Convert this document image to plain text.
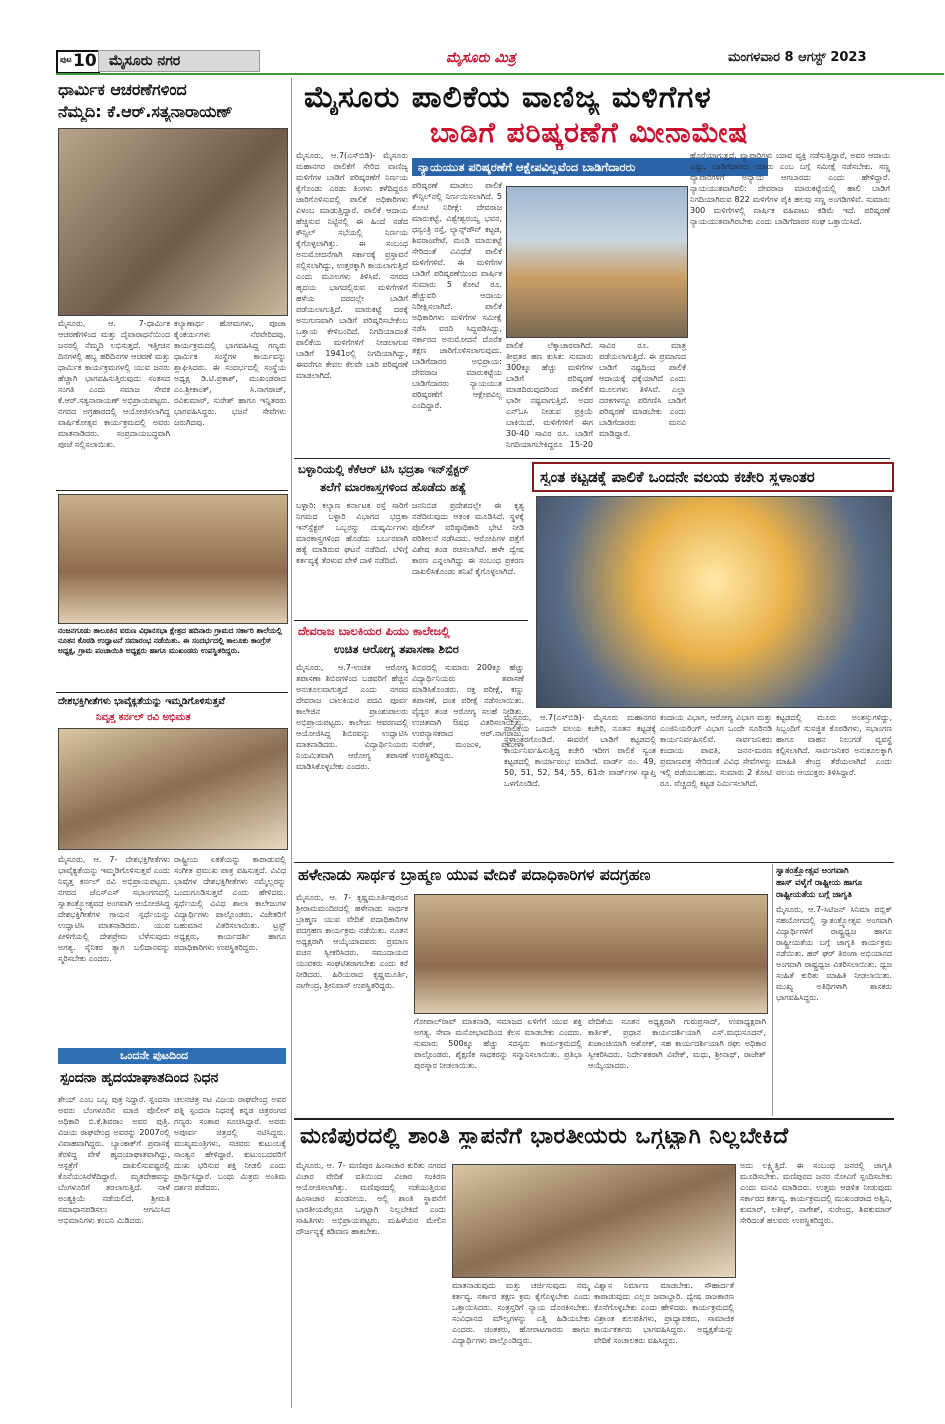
ಪುಟ 10 ಮೈಸೂರು ನಗರ	ಮೈಸೂರು ಮಿತ್ರ	ಮಂಗಳವಾರ 8 ಆಗಸ್ಟ್ 2023
ಧಾರ್ಮಿಕ ಆಚರಣೆಗಳಿಂದ
ನೆಮ್ಮದಿ: ಕೆ.ಆರ್.ಸತ್ಯನಾರಾಯಣ್
ಮೈಸೂರು, ಆ. 7-ಧಾರ್ಮಿಕ ಆಚರಣೆಗಳಿಂದ ಮತ್ತು ದೈವಾರಾಧನೆಯಿಂದ ಜನರಲ್ಲಿ ನೆಮ್ಮದಿ ಲಭಿಸುತ್ತದೆ. ಇತ್ತೀಚಿನ ದಿನಗಳಲ್ಲಿ ಹಬ್ಬ ಹರಿದಿನಗಳ ಆಚರಣೆ ಮತ್ತು ಧಾರ್ಮಿಕ ಕಾರ್ಯಕ್ರಮಗಳಲ್ಲಿ ಯುವ ಜನರು ಹೆಚ್ಚಾಗಿ ಭಾಗವಹಿಸುತ್ತಿರುವುದು ಸಂತಸದ ಸಂಗತಿ ಎಂದು ಸಮಾಜ ಸೇವಕ ಕೆ.ಆರ್.ಸತ್ಯನಾರಾಯಣ್ ಅಭಿಪ್ರಾಯಪಟ್ಟರು. ನಗರದ ಅಗ್ರಹಾರದಲ್ಲಿ ಆಯೋಜಿಸಲಾಗಿದ್ದ ವಾರ್ಷಿಕೋತ್ಸವ ಕಾರ್ಯಕ್ರಮದಲ್ಲಿ ಅವರು ಮಾತನಾಡಿದರು. ಸಂಪ್ರದಾಯಬದ್ಧವಾಗಿ ಪೂಜೆ ಸಲ್ಲಿಸಲಾಯಿತು.
ಕಲ್ಯಾಣಾರ್ಥ ಹೋಮಗಳು, ಪೂಜಾ ಕೈಂಕರ್ಯಗಳು ನೆರವೇರಿದವು. ಕಾರ್ಯಕ್ರಮದಲ್ಲಿ ಭಾಗವಹಿಸಿದ್ದ ಗಣ್ಯರು ಧಾರ್ಮಿಕ ಸಂಸ್ಥೆಗಳ ಕಾರ್ಯವನ್ನು ಶ್ಲಾಘಿಸಿದರು. ಈ ಸಂದರ್ಭದಲ್ಲಿ ಸಂಸ್ಥೆಯ ಅಧ್ಯಕ್ಷ ಡಿ.ಟಿ.ಪ್ರಕಾಶ್, ಮುಖಂಡರಾದ ಎಂ.ಶ್ರೀಕಾಂತ್, ಸಿ.ನಾಗರಾಜ್, ರವಿಕುಮಾರ್, ಸುರೇಶ್ ಹಾಗೂ ಇನ್ನಿತರರು ಭಾಗವಹಿಸಿದ್ದರು. ಭಜನೆ ಸೇವೆಗಳು ಜರುಗಿದವು.
ನಂಜನಗೂಡು ತಾಲೂಕಿನ ವರುಣ ವಿಧಾನಸಭಾ ಕ್ಷೇತ್ರದ ಹದಿನಾರು ಗ್ರಾಮದ ಸರ್ಕಾರಿ ಶಾಲೆಯಲ್ಲಿ ನೂತನ ಕೊಠಡಿ ಉದ್ಘಾಟನೆ ಸಮಾರಂಭ ನಡೆಯಿತು. ಈ ಸಂದರ್ಭದಲ್ಲಿ ತಾಲೂಕು ಕಾಂಗ್ರೆಸ್ ಅಧ್ಯಕ್ಷ, ಗ್ರಾಮ ಪಂಚಾಯಿತಿ ಅಧ್ಯಕ್ಷರು ಹಾಗೂ ಮುಖಂಡರು ಉಪಸ್ಥಿತರಿದ್ದರು.
ದೇಶಭಕ್ತಿಗೀತೆಗಳು ಭಾವೈಕ್ಯತೆಯನ್ನು ಇಮ್ಮಡಿಗೊಳಿಸುತ್ತವೆ
ನಿವೃತ್ತ ಕರ್ನಲ್ ರವಿ ಅಭಿಮತ
ಮೈಸೂರು, ಆ. 7- ದೇಶಭಕ್ತಿಗೀತೆಗಳು ಭಾವೈಕ್ಯತೆಯನ್ನು ಇಮ್ಮಡಿಗೊಳಿಸುತ್ತವೆ ಎಂದು ನಿವೃತ್ತ ಕರ್ನಲ್ ರವಿ ಅಭಿಪ್ರಾಯಪಟ್ಟರು. ನಗರದ ಜೆಎಸ್‌ಎಸ್ ಸಭಾಂಗಣದಲ್ಲಿ ಸ್ವಾತಂತ್ರ್ಯೋತ್ಸವದ ಅಂಗವಾಗಿ ಆಯೋಜಿಸಿದ್ದ ದೇಶಭಕ್ತಿಗೀತೆಗಳ ಗಾಯನ ಸ್ಪರ್ಧೆಯನ್ನು ಉದ್ಘಾಟಿಸಿ ಮಾತನಾಡಿದರು. ಯುವ ಪೀಳಿಗೆಯಲ್ಲಿ ದೇಶಪ್ರೇಮ ಬೆಳೆಸುವುದು ಅಗತ್ಯ. ಸೈನಿಕರ ತ್ಯಾಗ ಬಲಿದಾನವನ್ನು ಸ್ಮರಿಸಬೇಕು ಎಂದರು.
ರಾಷ್ಟ್ರೀಯ ಏಕತೆಯನ್ನು ಕಾಪಾಡುವಲ್ಲಿ ಸಂಗೀತ ಪ್ರಮುಖ ಪಾತ್ರ ವಹಿಸುತ್ತದೆ. ವಿವಿಧ ಭಾಷೆಗಳ ದೇಶಭಕ್ತಿಗೀತೆಗಳು ನಮ್ಮೆಲ್ಲರನ್ನು ಒಂದುಗೂಡಿಸುತ್ತವೆ ಎಂದು ಹೇಳಿದರು. ಸ್ಪರ್ಧೆಯಲ್ಲಿ ವಿವಿಧ ಶಾಲಾ ಕಾಲೇಜುಗಳ ವಿದ್ಯಾರ್ಥಿಗಳು ಪಾಲ್ಗೊಂಡರು. ವಿಜೇತರಿಗೆ ಬಹುಮಾನ ವಿತರಿಸಲಾಯಿತು. ಟ್ರಸ್ಟ್ ಅಧ್ಯಕ್ಷರು, ಕಾರ್ಯದರ್ಶಿ ಹಾಗೂ ಪದಾಧಿಕಾರಿಗಳು ಉಪಸ್ಥಿತರಿದ್ದರು.
ಒಂದನೇ ಪುಟದಿಂದ
ಸ್ಪಂದನಾ ಹೃದಯಾಘಾತದಿಂದ ನಿಧನ
ಶೇಯ್ ಎಂಬ ಒಬ್ಬ ಪುತ್ರ ನಿದ್ದಾರೆ. ಸ್ಪಂದನಾ ಅವರು ಬೆಂಗಳೂರಿನ ಮಾಜಿ ಪೊಲೀಸ್ ಅಧಿಕಾರಿ ಬಿ.ಕೆ.ಶಿವರಾಂ ಅವರ ಪುತ್ರಿ. ವಿಜಯ ರಾಘವೇಂದ್ರ ಅವರನ್ನು 2007ರಲ್ಲಿ ವಿವಾಹವಾಗಿದ್ದರು. ಬ್ಯಾಂಕಾಕ್‌ಗೆ ಪ್ರವಾಸಕ್ಕೆ ತೆರಳಿದ್ದ ವೇಳೆ ಹೃದಯಾಘಾತವಾಗಿದ್ದು, ಆಸ್ಪತ್ರೆಗೆ ದಾಖಲಿಸುವಷ್ಟರಲ್ಲಿ ಕೊನೆಯುಸಿರೆಳೆದಿದ್ದಾರೆ. ಮೃತದೇಹವನ್ನು ಬೆಂಗಳೂರಿಗೆ ತರಲಾಗುತ್ತಿದೆ. ನಾಳೆ ಅಂತ್ಯಕ್ರಿಯೆ ನಡೆಯಲಿದೆ. ಶ್ರೀಮತಿ ಸಮಾಧಾನಪಡಿಸಲು ಆಗಮಿಸಿದ ಅಭಿಮಾನಿಗಳು ಕಂಬನಿ ಮಿಡಿದರು.
ಚಲನಚಿತ್ರ ನಟ ವಿಜಯ ರಾಘವೇಂದ್ರ ಅವರ ಪತ್ನಿ ಸ್ಪಂದನಾ ನಿಧನಕ್ಕೆ ಕನ್ನಡ ಚಿತ್ರರಂಗದ ಗಣ್ಯರು ಸಂತಾಪ ಸೂಚಿಸಿದ್ದಾರೆ. ಅವರು ಅಪೂರ್ವ ಚಿತ್ರದಲ್ಲಿ ನಟಿಸಿದ್ದರು. ಮುಖ್ಯಮಂತ್ರಿಗಳು, ಸಚಿವರು ಕುಟುಂಬಕ್ಕೆ ಸಾಂತ್ವನ ಹೇಳಿದ್ದಾರೆ. ಕುಟುಂಬದವರಿಗೆ ದುಃಖ ಭರಿಸುವ ಶಕ್ತಿ ನೀಡಲಿ ಎಂದು ಪ್ರಾರ್ಥಿಸಿದ್ದಾರೆ. ಬಂಧು ಮಿತ್ರರು ಅಂತಿಮ ದರ್ಶನ ಪಡೆದರು.
ಮೈಸೂರು ಪಾಲಿಕೆಯ ವಾಣಿಜ್ಯ ಮಳಿಗೆಗಳ
ಬಾಡಿಗೆ ಪರಿಷ್ಕರಣೆಗೆ ಮೀನಾಮೇಷ
ನ್ಯಾಯಯುತ ಪರಿಷ್ಕರಣೆಗೆ ಆಕ್ಷೇಪವಿಲ್ಲವೆಂದ ಬಾಡಿಗೆದಾರರು
ಮೈಸೂರು, ಆ.7(ಎಸ್‌ಬಿಡಿ)- ಮೈಸೂರು ಮಹಾನಗರ ಪಾಲಿಕೆಗೆ ಸೇರಿದ ವಾಣಿಜ್ಯ ಮಳಿಗೆಗಳ ಬಾಡಿಗೆ ಪರಿಷ್ಕರಣೆಗೆ ನಿರ್ಣಯ ಕೈಗೊಂಡು ಎರಡು ತಿಂಗಳು ಕಳೆದಿದ್ದರೂ ಜಾರಿಗೊಳಿಸುವಲ್ಲಿ ಪಾಲಿಕೆ ಅಧಿಕಾರಿಗಳು ವಿಳಂಬ ಮಾಡುತ್ತಿದ್ದಾರೆ. ಪಾಲಿಕೆ ಆದಾಯ ಹೆಚ್ಚಿಸುವ ನಿಟ್ಟಿನಲ್ಲಿ ಈ ಹಿಂದೆ ನಡೆದ ಕೌನ್ಸಿಲ್ ಸಭೆಯಲ್ಲಿ ನಿರ್ಣಯ ಕೈಗೊಳ್ಳಲಾಗಿತ್ತು. ಈ ಸಂಬಂಧ ಅನುಮೋದನೆಗಾಗಿ ಸರ್ಕಾರಕ್ಕೆ ಪ್ರಸ್ತಾವನೆ ಸಲ್ಲಿಸಲಾಗಿದ್ದು, ಉತ್ತರಕ್ಕಾಗಿ ಕಾಯಲಾಗುತ್ತಿದೆ ಎಂದು ಮೂಲಗಳು ತಿಳಿಸಿವೆ. ನಗರದ ಹೃದಯ ಭಾಗದಲ್ಲಿರುವ ಮಳಿಗೆಗಳಿಗೆ ಹಳೆಯ ದರದಲ್ಲೇ ಬಾಡಿಗೆ ಪಡೆಯಲಾಗುತ್ತಿದೆ. ಮಾರುಕಟ್ಟೆ ದರಕ್ಕೆ ಅನುಗುಣವಾಗಿ ಬಾಡಿಗೆ ಪರಿಷ್ಕರಿಸಬೇಕೆಂಬ ಒತ್ತಾಯ ಕೇಳಿಬಂದಿದೆ. ನಿಗದಿಯಾದಂತೆ ಪಾಲಿಕೆಯ ಮಳಿಗೆಗಳಿಗೆ ನೀಡಲಾಗುವ ಬಾಡಿಗೆ 1941ರಲ್ಲಿ ನಿಗದಿಯಾಗಿದ್ದು, ಈವರೆಗೂ ಕೇವಲ ಕೆಲವೇ ಬಾರಿ ಪರಿಷ್ಕರಣೆ ಮಾಡಲಾಗಿದೆ.
ಪರಿಷ್ಕರಣೆ ಮಾಡಲು ಪಾಲಿಕೆ ಕೌನ್ಸಿಲ್‌ನಲ್ಲಿ ನಿರ್ಣಯಿಸಲಾಗಿದೆ. 5 ಕೋಟಿ ನಿರೀಕ್ಷೆ: ದೇವರಾಜ ಮಾರುಕಟ್ಟೆ, ವಿಶ್ವೇಶ್ವರಯ್ಯ ಭವನ, ಧನ್ವಂತ್ರಿ ರಸ್ತೆ, ಲ್ಯಾನ್ಸ್‌ಡೌನ್ ಕಟ್ಟಡ, ಶಿವರಾಂಪೇಟೆ, ಮಂಡಿ ಮಾರುಕಟ್ಟೆ ಸೇರಿದಂತೆ ವಿವಿಧೆಡೆ ಪಾಲಿಕೆ ಮಳಿಗೆಗಳಿವೆ. ಈ ಮಳಿಗೆಗಳ ಬಾಡಿಗೆ ಪರಿಷ್ಕರಣೆಯಿಂದ ವಾರ್ಷಿಕ ಸುಮಾರು 5 ಕೋಟಿ ರೂ. ಹೆಚ್ಚುವರಿ ಆದಾಯ ನಿರೀಕ್ಷಿಸಲಾಗಿದೆ. ಪಾಲಿಕೆ ಅಧಿಕಾರಿಗಳು ಮಳಿಗೆಗಳ ಸಮೀಕ್ಷೆ ನಡೆಸಿ ವರದಿ ಸಿದ್ಧಪಡಿಸಿದ್ದು, ಸರ್ಕಾರದ ಅನುಮೋದನೆ ದೊರೆತ ತಕ್ಷಣ ಜಾರಿಗೊಳಿಸಲಾಗುವುದು. ಬಾಡಿಗೆದಾರರ ಅಭಿಪ್ರಾಯ: ದೇವರಾಜ ಮಾರುಕಟ್ಟೆಯ ಬಾಡಿಗೆದಾರರು ನ್ಯಾಯಯುತ ಪರಿಷ್ಕರಣೆಗೆ ಆಕ್ಷೇಪವಿಲ್ಲ ಎಂದಿದ್ದಾರೆ.
ಪಾಲಿಕೆ ಲೆಕ್ಕಾಚಾರವಾಗಿದೆ. ತೀವ್ರತರ ಹಣ ಕುಸಿತ: ಸುಮಾರು 300ಕ್ಕೂ ಹೆಚ್ಚು ಮಳಿಗೆಗಳ ಬಾಡಿಗೆ ಪರಿಷ್ಕರಣೆ ಮಾಡದಿರುವುದರಿಂದ ಪಾಲಿಕೆಗೆ ಭಾರೀ ನಷ್ಟವಾಗುತ್ತಿದೆ. ಅದರ ಎನ್‌ಓಸಿ ನೀಡುವ ಪ್ರಕ್ರಿಯೆ ಬಾಕಿಯಿದೆ. ಮಳಿಗೆಗಳಿಗೆ ಈಗ 30-40 ಸಾವಿರ ರೂ. ಬಾಡಿಗೆ ನಿಗದಿಯಾಗಬೇಕಿದ್ದರೂ 15-20 ಸಾವಿರ ರೂ. ಮಾತ್ರ ಪಡೆಯಲಾಗುತ್ತಿದೆ. ಈ ಪ್ರಮಾಣದ ಬಾಡಿಗೆ ನಷ್ಟದಿಂದ ಪಾಲಿಕೆ ಆದಾಯಕ್ಕೆ ಧಕ್ಕೆಯಾಗಿದೆ ಎಂದು ಮೂಲಗಳು ತಿಳಿಸಿವೆ. ಎಲ್ಲಾ ದರಕಗಳನ್ನೂ ಪರಿಗಣಿಸಿ ಬಾಡಿಗೆ ಪರಿಷ್ಕರಣೆ ಮಾಡಬೇಕು ಎಂದು ಬಾಡಿಗೆದಾರರು ಮನವಿ ಮಾಡಿದ್ದಾರೆ.
ಹೊರೆಯಾಗುತ್ತದೆ. ವ್ಯಾಪಾರಿಗಳು ಯಾವ ವ್ಯಕ್ತಿ ನಡೆಸುತ್ತಿದ್ದಾರೆ, ಅವರ ಆದಾಯ ಎಷ್ಟು, ಬಾಡಿಗೆದಾರರು ಯಾರು ಎಂಬ ಬಗ್ಗೆ ಸಮೀಕ್ಷೆ ನಡೆಸಬೇಕು. ಸಣ್ಣ ವ್ಯಾಪಾರಿಗಳಿಗೆ ಅನ್ಯಾಯ ಆಗಬಾರದು ಎಂದು ಹೇಳಿದ್ದಾರೆ. ನ್ಯಾಯಯುತವಾಗಿರಲಿ: ದೇವರಾಜ ಮಾರುಕಟ್ಟೆಯಲ್ಲಿ ಹಾಲಿ ಬಾಡಿಗೆ ನಿಗದಿಯಾಗಿರುವ 822 ಮಳಿಗೆಗಳ ಪೈಕಿ ಹಲವು ಸಣ್ಣ ಅಂಗಡಿಗಳಿವೆ. ಸುಮಾರು 300 ಮಳಿಗೆಗಳಲ್ಲಿ ವಾರ್ಷಿಕ ವಹಿವಾಟು ಕಡಿಮೆ ಇದೆ. ಪರಿಷ್ಕರಣೆ ನ್ಯಾಯಯುತವಾಗಿರಬೇಕು ಎಂದು ಬಾಡಿಗೆದಾರರ ಸಂಘ ಒತ್ತಾಯಿಸಿದೆ.
ಬಳ್ಳಾರಿಯಲ್ಲಿ ಕೆಕೆಆರ್ ಟಿಸಿ ಭದ್ರತಾ ಇನ್‌ಸ್ಪೆಕ್ಟರ್
ತಲೆಗೆ ಮಾರಕಾಸ್ತ್ರಗಳಿಂದ ಹೊಡೆದು ಹತ್ಯೆ
ಬಳ್ಳಾರಿ: ಕಲ್ಯಾಣ ಕರ್ನಾಟಕ ರಸ್ತೆ ಸಾರಿಗೆ ನಿಗಮದ ಬಳ್ಳಾರಿ ವಿಭಾಗದ ಭದ್ರತಾ ಇನ್‌ಸ್ಪೆಕ್ಟರ್ ಒಬ್ಬರನ್ನು ದುಷ್ಕರ್ಮಿಗಳು ಮಾರಕಾಸ್ತ್ರಗಳಿಂದ ಹೊಡೆದು ಬರ್ಬರವಾಗಿ ಹತ್ಯೆ ಮಾಡಿರುವ ಘಟನೆ ನಡೆದಿದೆ. ಬೆಳಿಗ್ಗೆ ಕರ್ತವ್ಯಕ್ಕೆ ತೆರಳುವ ವೇಳೆ ದಾಳಿ ನಡೆದಿದೆ.
ಜನನಿಬಿಡ ಪ್ರದೇಶದಲ್ಲೇ ಈ ಕೃತ್ಯ ನಡೆದಿರುವುದು ಆತಂಕ ಮೂಡಿಸಿದೆ. ಸ್ಥಳಕ್ಕೆ ಪೊಲೀಸ್ ವರಿಷ್ಠಾಧಿಕಾರಿ ಭೇಟಿ ನೀಡಿ ಪರಿಶೀಲನೆ ನಡೆಸಿದರು. ಆರೋಪಿಗಳ ಪತ್ತೆಗೆ ವಿಶೇಷ ತಂಡ ರಚಿಸಲಾಗಿದೆ. ಹಳೇ ದ್ವೇಷ ಕಾರಣ ಎನ್ನಲಾಗಿದ್ದು ಈ ಸಂಬಂಧ ಪ್ರಕರಣ ದಾಖಲಿಸಿಕೊಂಡು ತನಿಖೆ ಕೈಗೊಳ್ಳಲಾಗಿದೆ.
ದೇವರಾಜ ಬಾಲಕಿಯರ ಪಿಯು ಕಾಲೇಜಲ್ಲಿ
ಉಚಿತ ಆರೋಗ್ಯ ತಪಾಸಣಾ ಶಿಬಿರ
ಮೈಸೂರು, ಆ.7-ಉಚಿತ ಆರೋಗ್ಯ ತಪಾಸಣಾ ಶಿಬಿರಗಳಿಂದ ಬಡವರಿಗೆ ಹೆಚ್ಚಿನ ಅನುಕೂಲವಾಗುತ್ತದೆ ಎಂದು ನಗರದ ದೇವರಾಜ ಬಾಲಕಿಯರ ಪದವಿ ಪೂರ್ವ ಕಾಲೇಜಿನ ಪ್ರಾಂಶುಪಾಲರು ಅಭಿಪ್ರಾಯಪಟ್ಟರು. ಕಾಲೇಜು ಆವರಣದಲ್ಲಿ ಆಯೋಜಿಸಿದ್ದ ಶಿಬಿರವನ್ನು ಉದ್ಘಾಟಿಸಿ ಮಾತನಾಡಿದರು. ವಿದ್ಯಾರ್ಥಿನಿಯರು ನಿಯಮಿತವಾಗಿ ಆರೋಗ್ಯ ತಪಾಸಣೆ ಮಾಡಿಸಿಕೊಳ್ಳಬೇಕು ಎಂದರು.
ಶಿಬಿರದಲ್ಲಿ ಸುಮಾರು 200ಕ್ಕೂ ಹೆಚ್ಚು ವಿದ್ಯಾರ್ಥಿನಿಯರು ತಪಾಸಣೆ ಮಾಡಿಸಿಕೊಂಡರು. ರಕ್ತ ಪರೀಕ್ಷೆ, ಕಣ್ಣು ತಪಾಸಣೆ, ದಂತ ಪರೀಕ್ಷೆ ನಡೆಸಲಾಯಿತು. ವೈದ್ಯರ ತಂಡ ಆರೋಗ್ಯ ಸಲಹೆ ನೀಡಿತು. ಉಚಿತವಾಗಿ ಔಷಧ ವಿತರಿಸಲಾಯಿತು. ಉಪನ್ಯಾಸಕರಾದ ಆರ್.ನಾಗರಾಜು, ಸುರೇಶ್, ಮಂಜುಳ, ಪ್ರಮೀಳಾ ಉಪಸ್ಥಿತರಿದ್ದರು.
ಸ್ವಂತ ಕಟ್ಟಡಕ್ಕೆ ಪಾಲಿಕೆ ಒಂದನೇ ವಲಯ ಕಚೇರಿ ಸ್ಥಳಾಂತರ
ಮೈಸೂರು, ಆ.7(ಎಸ್‌ಬಿಡಿ)- ಮೈಸೂರು ಮಹಾನಗರ ಪಾಲಿಕೆಯ ಒಂದನೇ ವಲಯ ಕಚೇರಿ, ನೂತನ ಕಟ್ಟಡಕ್ಕೆ ಸ್ಥಳಾಂತರಗೊಂಡಿದೆ. ಈವರೆಗೆ ಬಾಡಿಗೆ ಕಟ್ಟಡದಲ್ಲಿ ಕಾರ್ಯನಿರ್ವಹಿಸುತ್ತಿದ್ದ ಕಚೇರಿ ಇದೀಗ ಪಾಲಿಕೆ ಸ್ವಂತ ಕಟ್ಟಡದಲ್ಲಿ ಕಾರ್ಯಾರಂಭ ಮಾಡಿದೆ. ವಾರ್ಡ್ ನಂ. 49, 50, 51, 52, 54, 55, 61ನೇ ವಾರ್ಡ್‌ಗಳ ವ್ಯಾಪ್ತಿ ಒಳಗೊಂಡಿದೆ.
ಕಂದಾಯ ವಿಭಾಗ, ಆರೋಗ್ಯ ವಿಭಾಗ ಮತ್ತು ಎಂಜಿನಿಯರಿಂಗ್ ವಿಭಾಗ ಒಂದೇ ಸೂರಿನಡಿ ಕಾರ್ಯನಿರ್ವಹಿಸಲಿವೆ. ಸಾರ್ವಜನಿಕರು ಕಂದಾಯ ಪಾವತಿ, ಜನನ-ಮರಣ ಪ್ರಮಾಣಪತ್ರ ಸೇರಿದಂತೆ ವಿವಿಧ ಸೇವೆಗಳನ್ನು ಇಲ್ಲಿ ಪಡೆಯಬಹುದು. ಸುಮಾರು 2 ಕೋಟಿ ರೂ. ವೆಚ್ಚದಲ್ಲಿ ಕಟ್ಟಡ ನಿರ್ಮಿಸಲಾಗಿದೆ.
ಕಟ್ಟಡದಲ್ಲಿ ಮೂರು ಅಂತಸ್ತುಗಳಿದ್ದು, ಸಿಬ್ಬಂದಿಗೆ ಸುಸಜ್ಜಿತ ಕೊಠಡಿಗಳು, ಸಭಾಂಗಣ ಹಾಗೂ ವಾಹನ ನಿಲುಗಡೆ ವ್ಯವಸ್ಥೆ ಕಲ್ಪಿಸಲಾಗಿದೆ. ಸಾರ್ವಜನಿಕರ ಅನುಕೂಲಕ್ಕಾಗಿ ಮಾಹಿತಿ ಕೇಂದ್ರ ತೆರೆಯಲಾಗಿದೆ ಎಂದು ವಲಯ ಆಯುಕ್ತರು ತಿಳಿಸಿದ್ದಾರೆ.
ಹಳೇನಾಡು ಸಾರ್ಥಕ ಬ್ರಾಹ್ಮಣ ಯುವ ವೇದಿಕೆ ಪದಾಧಿಕಾರಿಗಳ ಪದಗ್ರಹಣ
ಮೈಸೂರು, ಆ. 7- ಕೃಷ್ಣಮೂರ್ತಿಪುರಂನ ಶ್ರೀರಾಮಮಂದಿರದಲ್ಲಿ ಹಳೇನಾಡು ಸಾರ್ಥಕ ಬ್ರಾಹ್ಮಣ ಯುವ ವೇದಿಕೆ ಪದಾಧಿಕಾರಿಗಳ ಪದಗ್ರಹಣ ಕಾರ್ಯಕ್ರಮ ನಡೆಯಿತು. ನೂತನ ಅಧ್ಯಕ್ಷರಾಗಿ ಆಯ್ಕೆಯಾದವರು ಪ್ರಮಾಣ ವಚನ ಸ್ವೀಕರಿಸಿದರು. ಸಮುದಾಯದ ಯುವಕರು ಸಂಘಟಿತರಾಗಬೇಕು ಎಂದು ಕರೆ ನೀಡಿದರು. ಹಿರಿಯರಾದ ಕೃಷ್ಣಮೂರ್ತಿ, ನಾಗೇಂದ್ರ, ಶ್ರೀನಿವಾಸ್ ಉಪಸ್ಥಿತರಿದ್ದರು.
ಗೋಪಾಲ್‌ರಾವ್ ಮಾತನಾಡಿ, ಸಮಾಜದ ಏಳಿಗೆಗೆ ಯುವ ಶಕ್ತಿ ಅಗತ್ಯ. ಸೇವಾ ಮನೋಭಾವದಿಂದ ಕೆಲಸ ಮಾಡಬೇಕು ಎಂದರು. ಸುಮಾರು 500ಕ್ಕೂ ಹೆಚ್ಚು ಸದಸ್ಯರು ಕಾರ್ಯಕ್ರಮದಲ್ಲಿ ಪಾಲ್ಗೊಂಡರು. ಶೈಕ್ಷಣಿಕ ಸಾಧಕರನ್ನು ಸನ್ಮಾನಿಸಲಾಯಿತು. ಪ್ರತಿಭಾ ಪುರಸ್ಕಾರ ನೀಡಲಾಯಿತು.
ವೇದಿಕೆಯ ನೂತನ ಅಧ್ಯಕ್ಷರಾಗಿ ಗುರುಪ್ರಸಾದ್, ಉಪಾಧ್ಯಕ್ಷರಾಗಿ ಕಾರ್ತಿಕ್, ಪ್ರಧಾನ ಕಾರ್ಯದರ್ಶಿಯಾಗಿ ಎಸ್.ಮಧುಸೂದನ್, ಖಜಾಂಚಿಯಾಗಿ ಅಶೋಕ್, ಸಹ ಕಾರ್ಯದರ್ಶಿಯಾಗಿ ರಘು ಅಧಿಕಾರ ಸ್ವೀಕರಿಸಿದರು. ನಿರ್ದೇಶಕರಾಗಿ ವಿವೇಕ್, ಮಧು, ಶ್ರೀನಾಥ್, ರಾಜೇಶ್ ಆಯ್ಕೆಯಾದರು.
ಸ್ವಾತಂತ್ರ್ಯೋತ್ಸವ ಅಂಗವಾಗಿ
ಹಾಸ್ ವಳೈಗೆ ರಾಷ್ಟ್ರೀಯ ಹಾಗೂ
ರಾಷ್ಟ್ರೀಯತೆಯ ಬಗ್ಗೆ ಜಾಗೃತಿ
ಮೈಸೂರು, ಆ.7-ಸಿಟಿಜನ್ ಸಿನಿಮಾ ಪಬ್ಲಿಕ್ ಸಹಯೋಗದಲ್ಲಿ ಸ್ವಾತಂತ್ರ್ಯೋತ್ಸವ ಅಂಗವಾಗಿ ವಿದ್ಯಾರ್ಥಿಗಳಿಗೆ ರಾಷ್ಟ್ರಧ್ವಜ ಹಾಗೂ ರಾಷ್ಟ್ರೀಯತೆಯ ಬಗ್ಗೆ ಜಾಗೃತಿ ಕಾರ್ಯಕ್ರಮ ನಡೆಯಿತು. ಹರ್ ಘರ್ ತಿರಂಗಾ ಅಭಿಯಾನದ ಅಂಗವಾಗಿ ರಾಷ್ಟ್ರಧ್ವಜ ವಿತರಿಸಲಾಯಿತು. ಧ್ವಜ ಸಂಹಿತೆ ಕುರಿತು ಮಾಹಿತಿ ನೀಡಲಾಯಿತು. ಮುಖ್ಯ ಅತಿಥಿಗಳಾಗಿ ಶಾಸಕರು ಭಾಗವಹಿಸಿದ್ದರು.
ಮಣಿಪುರದಲ್ಲಿ ಶಾಂತಿ ಸ್ಥಾಪನೆಗೆ ಭಾರತೀಯರು ಒಗ್ಗಟ್ಟಾಗಿ ನಿಲ್ಲಬೇಕಿದೆ
ಮೈಸೂರು, ಆ. 7- ಮಣಿಪುರ ಹಿಂಸಾಚಾರ ಕುರಿತು ನಗರದ ವಿಚಾರ ವೇದಿಕೆ ವತಿಯಿಂದ ವಿಚಾರ ಸಂಕಿರಣ ಆಯೋಜಿಸಲಾಗಿತ್ತು. ಮಣಿಪುರದಲ್ಲಿ ನಡೆಯುತ್ತಿರುವ ಹಿಂಸಾಚಾರ ಖಂಡನೀಯ. ಅಲ್ಲಿ ಶಾಂತಿ ಸ್ಥಾಪನೆಗೆ ಭಾರತೀಯರೆಲ್ಲರೂ ಒಗ್ಗಟ್ಟಾಗಿ ನಿಲ್ಲಬೇಕಿದೆ ಎಂದು ಸಾಹಿತಿಗಳು ಅಭಿಪ್ರಾಯಪಟ್ಟರು. ಮಹಿಳೆಯರ ಮೇಲಿನ ದೌರ್ಜನ್ಯಕ್ಕೆ ಕಡಿವಾಣ ಹಾಕಬೇಕು.
ಮಾತನಾಡುವುದು ಮತ್ತು ಚರ್ಚಿಸುವುದು ನಮ್ಮ ಕರ್ತವ್ಯ. ಸರ್ಕಾರ ತಕ್ಷಣ ಕ್ರಮ ಕೈಗೊಳ್ಳಬೇಕು ಎಂದು ಒತ್ತಾಯಿಸಿದರು. ಸಂತ್ರಸ್ತರಿಗೆ ನ್ಯಾಯ ದೊರಕಿಸಬೇಕು. ಸಂವಿಧಾನದ ಮೌಲ್ಯಗಳನ್ನು ಎತ್ತಿ ಹಿಡಿಯಬೇಕು ಎಂದರು. ಚಿಂತಕರು, ಹೋರಾಟಗಾರರು ಹಾಗೂ ವಿದ್ಯಾರ್ಥಿಗಳು ಪಾಲ್ಗೊಂಡಿದ್ದರು.
ವಿಶ್ವಾಸ ನಿರ್ಮಾಣ ಮಾಡಬೇಕು. ಸೌಹಾರ್ದತೆ ಕಾಪಾಡುವುದು ಎಲ್ಲರ ಜವಾಬ್ದಾರಿ. ದ್ವೇಷ ರಾಜಕಾರಣ ಕೊನೆಗೊಳ್ಳಬೇಕು ಎಂದು ಹೇಳಿದರು. ಕಾರ್ಯಕ್ರಮದಲ್ಲಿ ವಿಶ್ರಾಂತ ಕುಲಪತಿಗಳು, ಪ್ರಾಧ್ಯಾಪಕರು, ಸಾಮಾಜಿಕ ಕಾರ್ಯಕರ್ತರು ಭಾಗವಹಿಸಿದ್ದರು. ಅಧ್ಯಕ್ಷತೆಯನ್ನು ವೇದಿಕೆ ಸಂಚಾಲಕರು ವಹಿಸಿದ್ದರು.
ಅದು ಲಕ್ಷ್ಮಿತ್ತಿದೆ. ಈ ಸಂಬಂಧ ಜನರಲ್ಲಿ ಜಾಗೃತಿ ಮೂಡಿಸಬೇಕು. ಮಣಿಪುರದ ಜನರ ನೋವಿಗೆ ಸ್ಪಂದಿಸಬೇಕು ಎಂದು ಮನವಿ ಮಾಡಿದರು. ಉತ್ತಮ ಆಡಳಿತ ನೀಡುವುದು ಸರ್ಕಾರದ ಕರ್ತವ್ಯ. ಕಾರ್ಯಕ್ರಮದಲ್ಲಿ ಮುಖಂಡರಾದ ಅಶ್ವಿನಿ, ಕುಮಾರ್, ಲತೀಫ್, ನಾಗೇಶ್, ಸುರೇಂದ್ರ, ಶಿವಕುಮಾರ್ ಸೇರಿದಂತೆ ಹಲವರು ಉಪಸ್ಥಿತರಿದ್ದರು.
